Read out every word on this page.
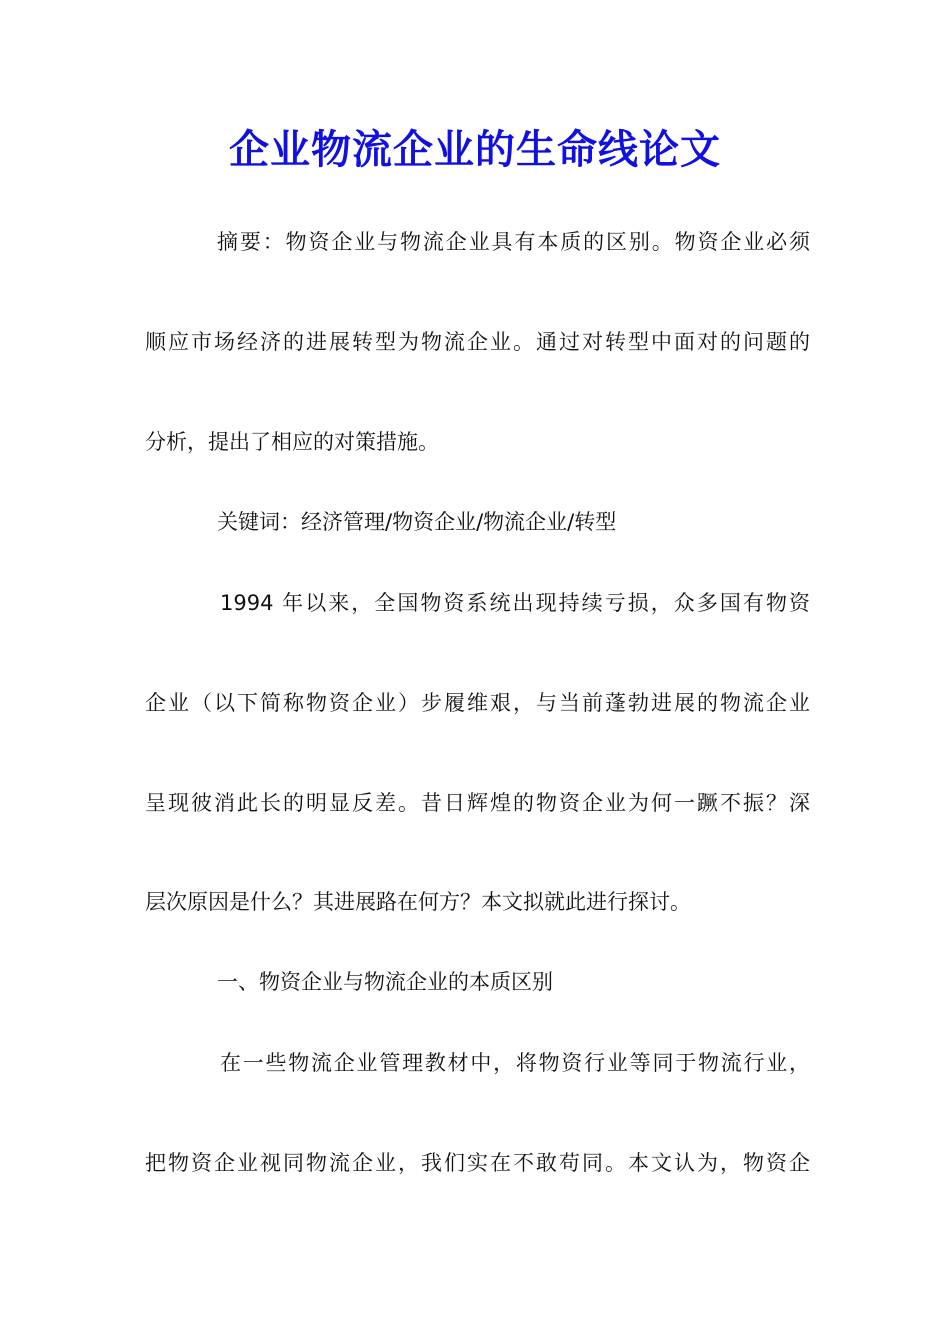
企业物流企业的生命线论文
摘要：物资企业与物流企业具有本质的区别。物资企业必须
顺应市场经济的进展转型为物流企业。通过对转型中面对的问题的
分析，提出了相应的对策措施。
关键词：经济管理/物资企业/物流企业/转型
1994 年以来，全国物资系统出现持续亏损，众多国有物资
企业（以下简称物资企业）步履维艰，与当前蓬勃进展的物流企业
呈现彼消此长的明显反差。昔日辉煌的物资企业为何一蹶不振？深
层次原因是什么？其进展路在何方？本文拟就此进行探讨。
一、物资企业与物流企业的本质区别
在一些物流企业管理教材中，将物资行业等同于物流行业，
把物资企业视同物流企业，我们实在不敢苟同。本文认为，物资企
